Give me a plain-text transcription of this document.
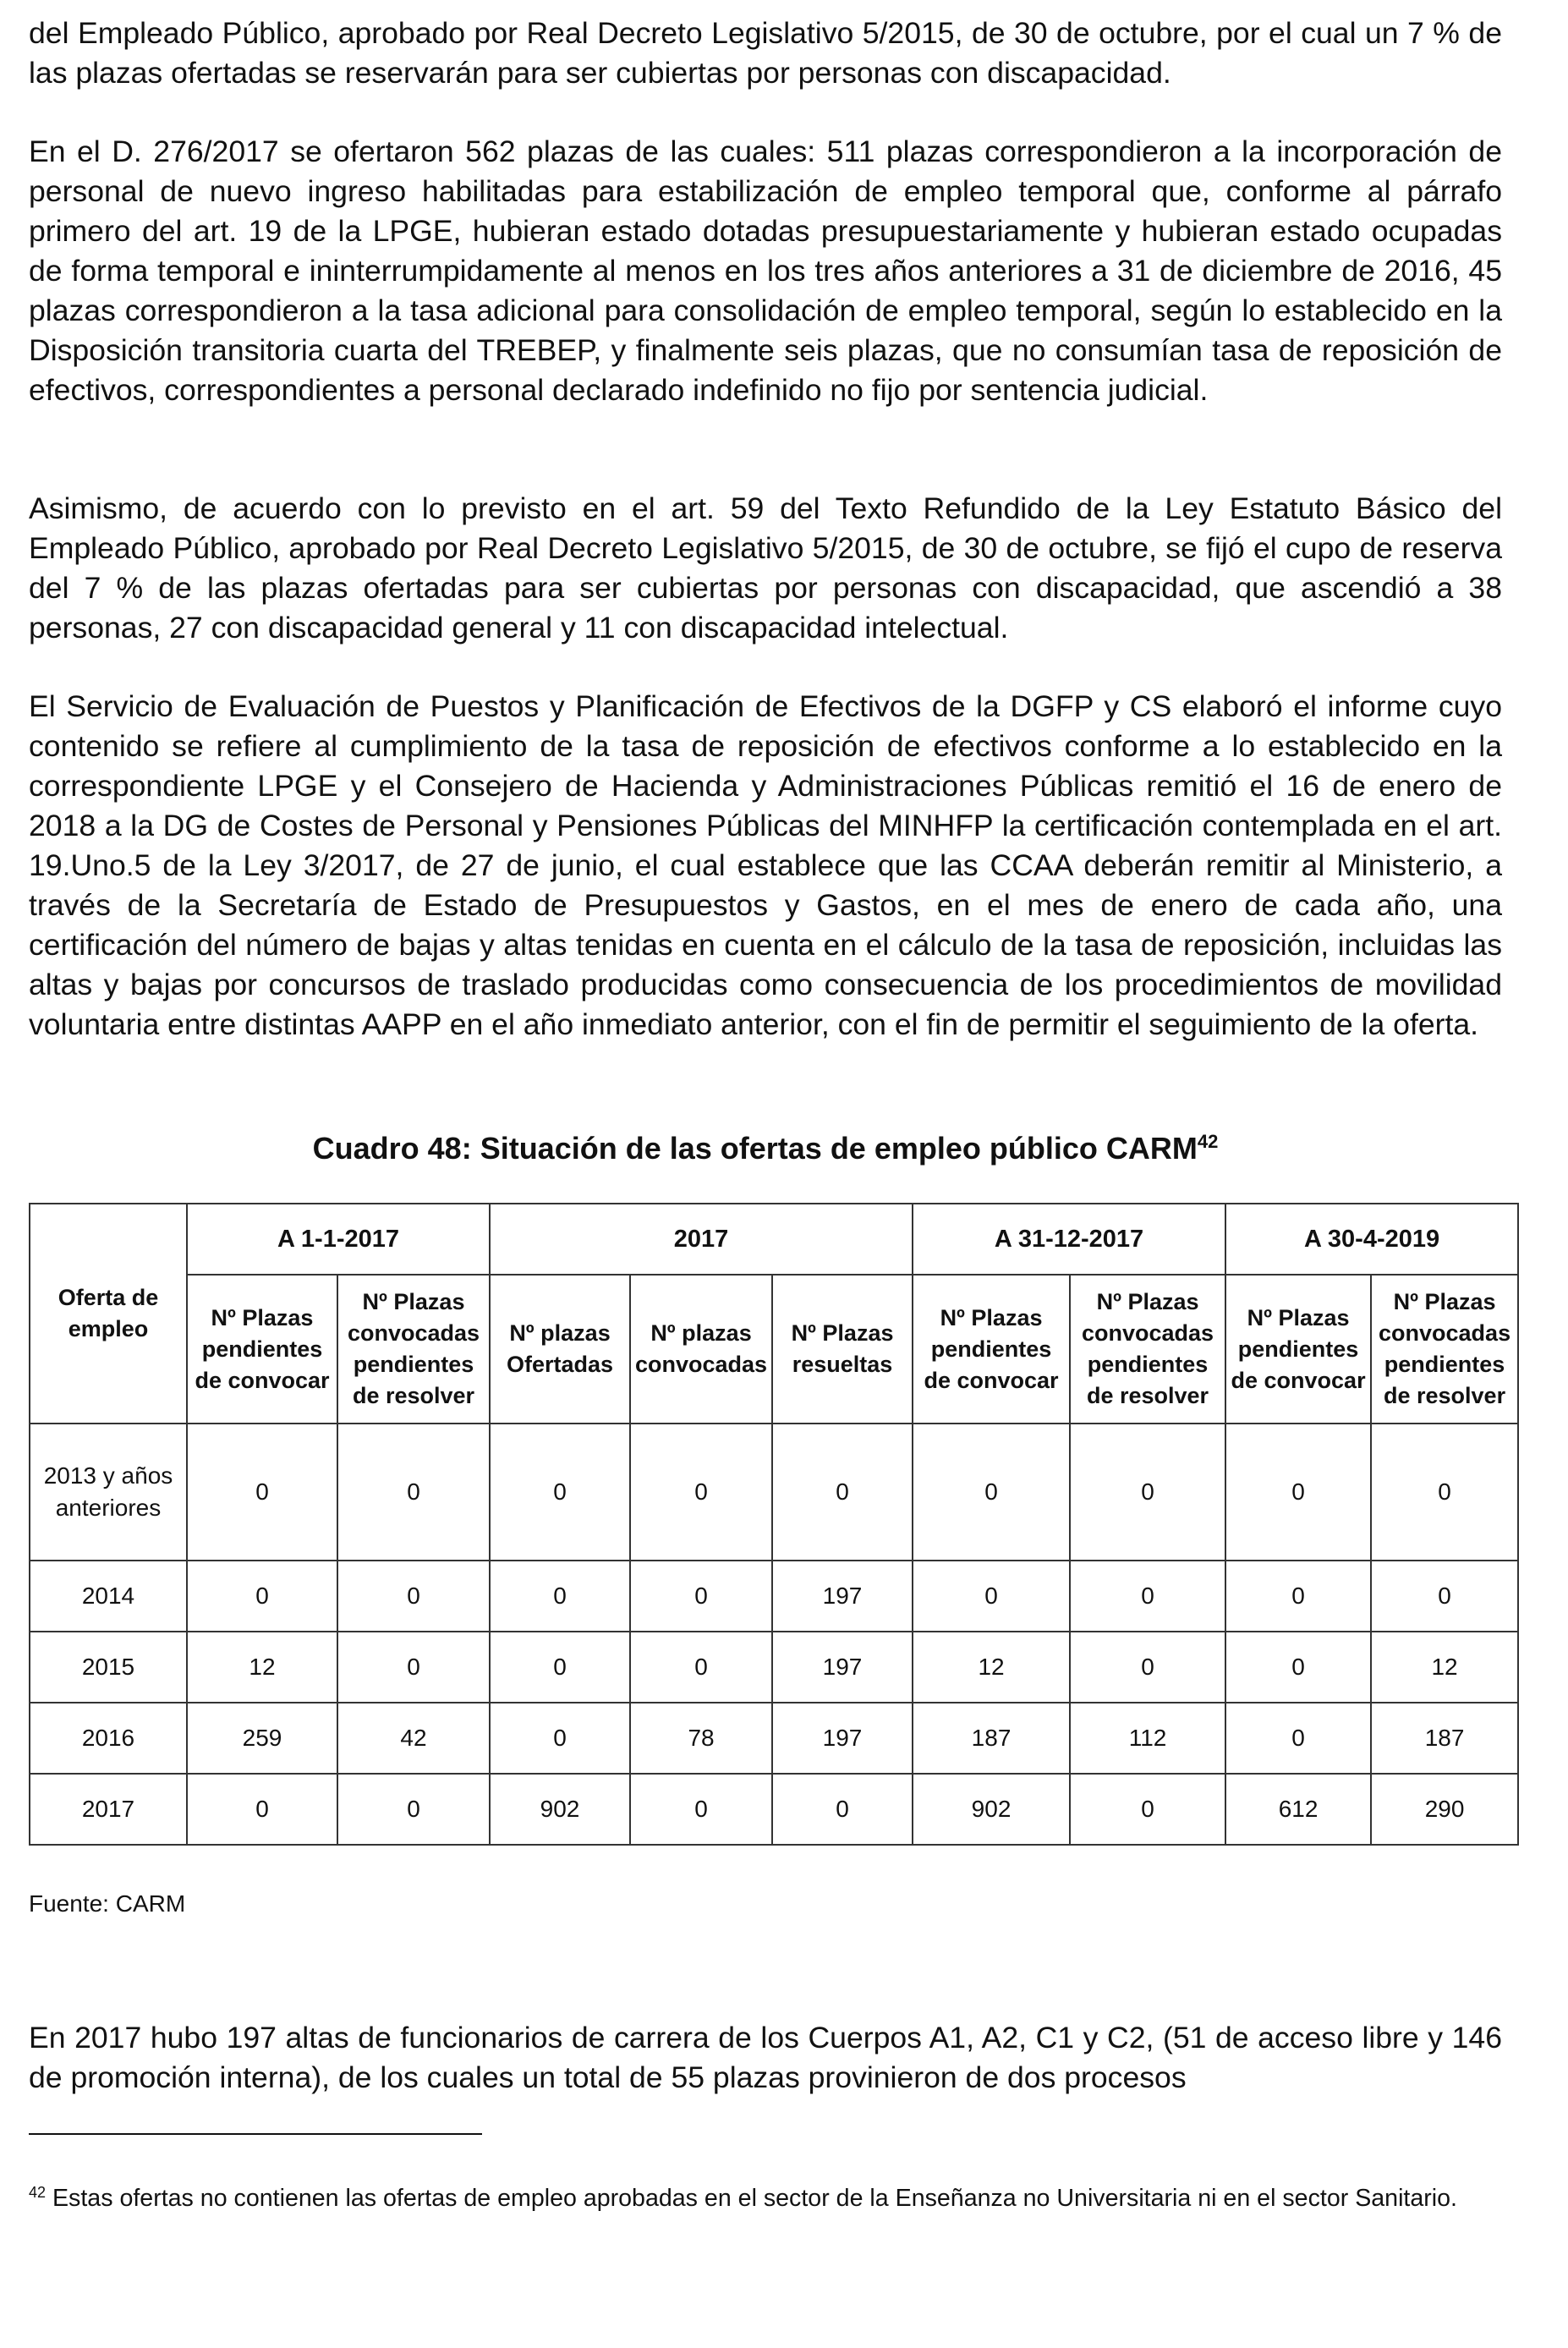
del Empleado Público, aprobado por Real Decreto Legislativo 5/2015, de 30 de octubre, por el cual un 7 % de las plazas ofertadas se reservarán para ser cubiertas por personas con discapacidad.

En el D. 276/2017 se ofertaron 562 plazas de las cuales: 511 plazas correspondieron a la incorporación de personal de nuevo ingreso habilitadas para estabilización de empleo temporal que, conforme al párrafo primero del art. 19 de la LPGE, hubieran estado dotadas presupuestariamente y hubieran estado ocupadas de forma temporal e ininterrumpidamente al menos en los tres años anteriores a 31 de diciembre de 2016, 45 plazas correspondieron a la tasa adicional para consolidación de empleo temporal, según lo establecido en la Disposición transitoria cuarta del TREBEP, y finalmente seis plazas, que no consumían tasa de reposición de efectivos, correspondientes a personal declarado indefinido no fijo por sentencia judicial.

Asimismo, de acuerdo con lo previsto en el art. 59 del Texto Refundido de la Ley Estatuto Básico del Empleado Público, aprobado por Real Decreto Legislativo 5/2015, de 30 de octubre, se fijó el cupo de reserva del 7 % de las plazas ofertadas para ser cubiertas por personas con discapacidad, que ascendió a 38 personas, 27 con discapacidad general y 11 con discapacidad intelectual.

El Servicio de Evaluación de Puestos y Planificación de Efectivos de la DGFP y CS elaboró el informe cuyo contenido se refiere al cumplimiento de la tasa de reposición de efectivos conforme a lo establecido en la correspondiente LPGE y el Consejero de Hacienda y Administraciones Públicas remitió el 16 de enero de 2018 a la DG de Costes de Personal y Pensiones Públicas del MINHFP la certificación contemplada en el art. 19.Uno.5 de la Ley 3/2017, de 27 de junio, el cual establece que las CCAA deberán remitir al Ministerio, a través de la Secretaría de Estado de Presupuestos y Gastos, en el mes de enero de cada año, una certificación del número de bajas y altas tenidas en cuenta en el cálculo de la tasa de reposición, incluidas las altas y bajas por concursos de traslado producidas como consecuencia de los procedimientos de movilidad voluntaria entre distintas AAPP en el año inmediato anterior, con el fin de permitir el seguimiento de la oferta.

Cuadro 48: Situación de las ofertas de empleo público CARM$^{42}$

Oferta de empleo	A 1-1-2017		2017			A 31-12-2017		A 30-4-2019	
	Nº Plazas pendientes de convocar	Nº Plazas convocadas pendientes de resolver	Nº plazas Ofertadas	Nº plazas convocadas	Nº Plazas resueltas	Nº Plazas pendientes de convocar	Nº Plazas convocadas pendientes de resolver	Nº Plazas pendientes de convocar	Nº Plazas convocadas pendientes de resolver
2013 y años anteriores	0	0	0	0	0	0	0	0	0
2014	0	0	0	0	197	0	0	0	0
2015	12	0	0	0	197	12	0	0	12
2016	259	42	0	78	197	187	112	0	187
2017	0	0	902	0	0	902	0	612	290

Fuente: CARM

En 2017 hubo 197 altas de funcionarios de carrera de los Cuerpos A1, A2, C1 y C2, (51 de acceso libre y 146 de promoción interna), de los cuales un total de 55 plazas provinieron de dos procesos

$^{42}$ Estas ofertas no contienen las ofertas de empleo aprobadas en el sector de la Enseñanza no Universitaria ni en el sector Sanitario.
